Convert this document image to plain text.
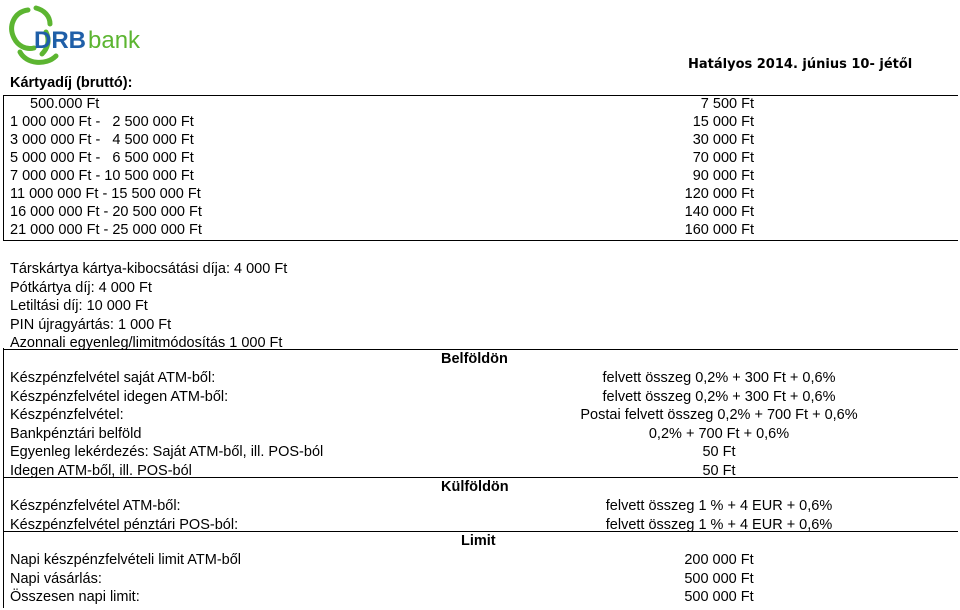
DRB bank
Hatályos 2014. június 10- jétől
Kártyadíj (bruttó):
500.000 Ft	7 500 Ft
1 000 000 Ft -   2 500 000 Ft	15 000 Ft
3 000 000 Ft -   4 500 000 Ft	30 000 Ft
5 000 000 Ft -   6 500 000 Ft	70 000 Ft
7 000 000 Ft - 10 500 000 Ft	90 000 Ft
11 000 000 Ft - 15 500 000 Ft	120 000 Ft
16 000 000 Ft - 20 500 000 Ft	140 000 Ft
21 000 000 Ft - 25 000 000 Ft	160 000 Ft
Társkártya kártya-kibocsátási díja: 4 000 Ft
Pótkártya díj: 4 000 Ft
Letiltási díj: 10 000 Ft
PIN újragyártás: 1 000 Ft
Azonnali egyenleg/limitmódosítás 1 000 Ft
Belföldön
Készpénzfelvétel saját ATM-ből:	felvett összeg 0,2% + 300 Ft + 0,6%
Készpénzfelvétel idegen ATM-ből:	felvett összeg 0,2% + 300 Ft + 0,6%
Készpénzfelvétel:	Postai felvett összeg 0,2% + 700 Ft + 0,6%
Bankpénztári belföld	0,2% + 700 Ft + 0,6%
Egyenleg lekérdezés: Saját ATM-ből, ill. POS-ból	50 Ft
Idegen ATM-ből, ill. POS-ból	50 Ft
Külföldön
Készpénzfelvétel ATM-ből:	felvett összeg 1 % + 4 EUR + 0,6%
Készpénzfelvétel pénztári POS-ból:	felvett összeg 1 % + 4 EUR + 0,6%
Limit
Napi készpénzfelvételi limit ATM-ből	200 000 Ft
Napi vásárlás:	500 000 Ft
Összesen napi limit:	500 000 Ft
